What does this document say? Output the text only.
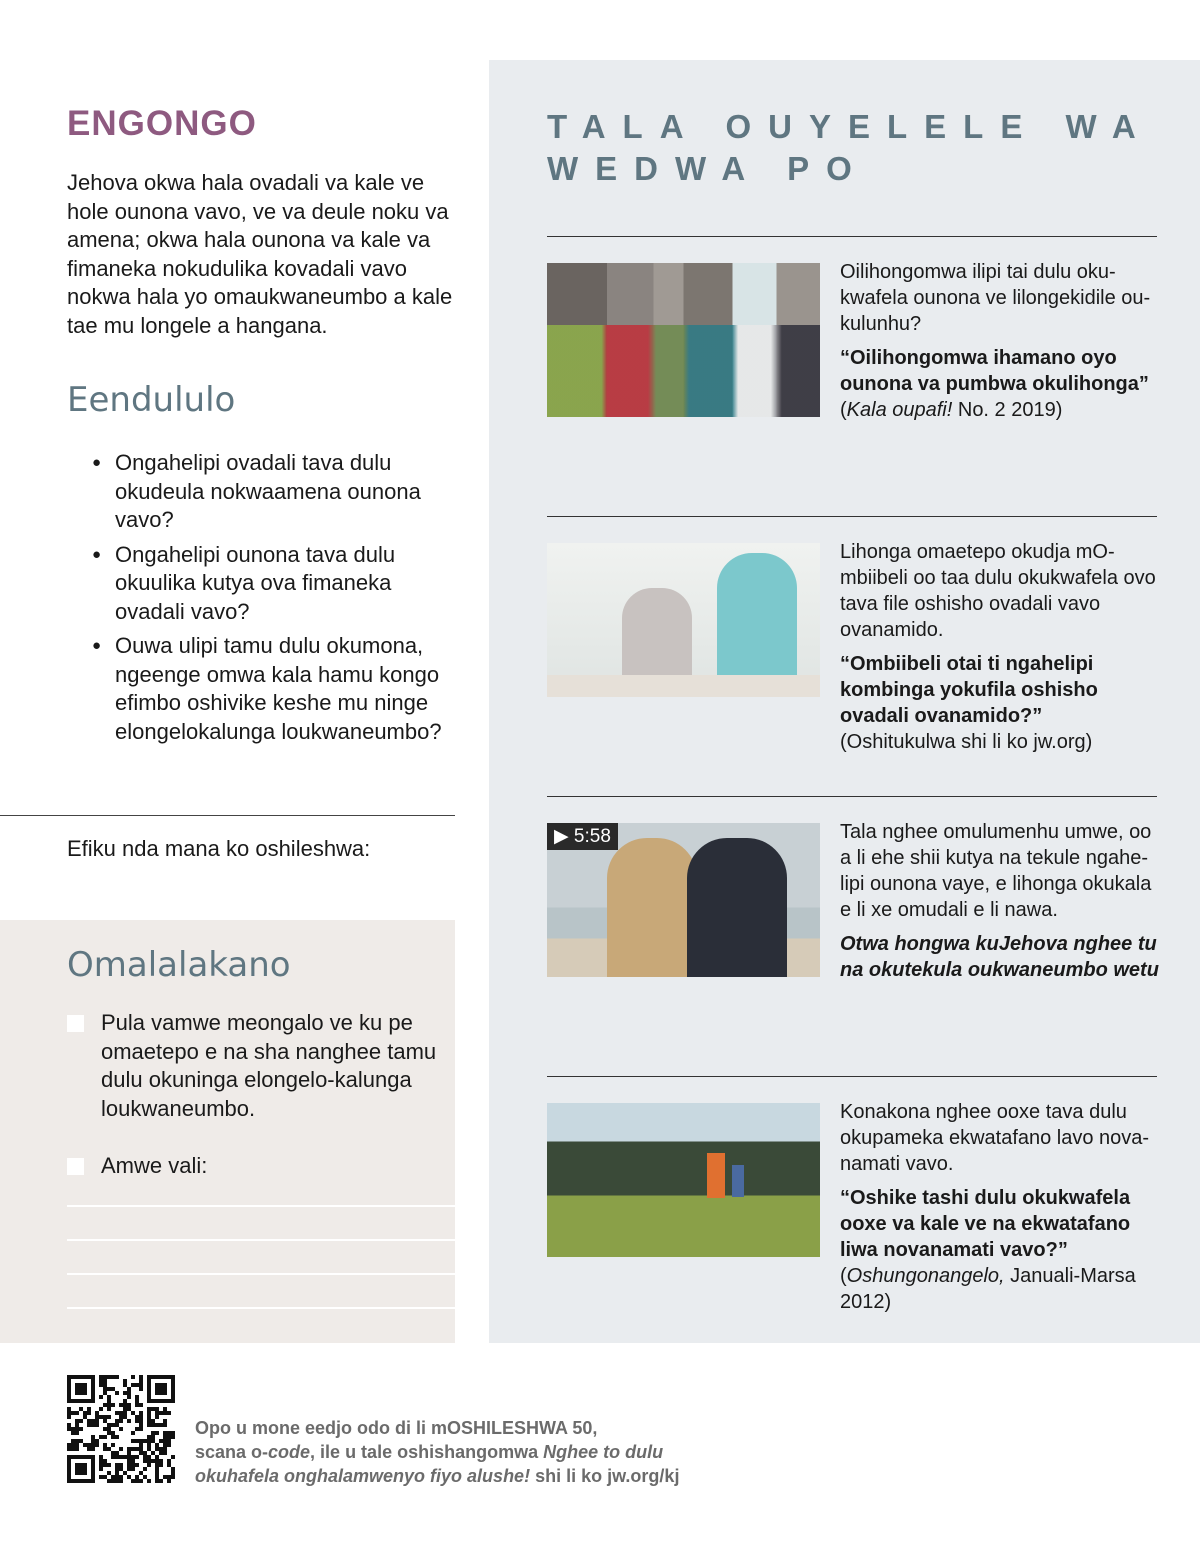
ENGONGO
Jehova okwa hala ovadali va kale ve hole ounona vavo, ve va deule noku va amena; okwa hala ounona va kale va fimaneka nokudulika kovadali vavo nokwa hala yo omaukwaneumbo a kale tae mu longele a hangana.
Eendululo
● Ongahelipi ovadali tava dulu okudeula nokwaamena ounona vavo?
● Ongahelipi ounona tava dulu okuulika kutya ova fimaneka ovadali vavo?
● Ouwa ulipi tamu dulu okumona, ngeenge omwa kala hamu kongo efimbo oshivike keshe mu ninge elongelokalunga loukwaneumbo?
Efiku nda mana ko oshileshwa:
Omalalakano
Pula vamwe meongalo ve ku pe omaetepo e na sha nanghee tamu dulu okuninga elongelo-kalunga loukwaneumbo.
Amwe vali:
TALA OUYELELE WA WEDWA PO
Oilihongomwa ilipi tai dulu oku-kwafela ounona ve lilongekidile ou-kulunhu?
“Oilihongomwa ihamano oyo ounona va pumbwa okulihonga”
(Kala oupafi! No. 2 2019)
Lihonga omaetepo okudja mO-mbiibeli oo taa dulu okukwafela ovo tava file oshisho ovadali vavo ovanamido.
“Ombiibeli otai ti ngahelipi kombinga yokufila oshisho ovadali ovanamido?”
(Oshitukulwa shi li ko jw.org)
▶ 5:58	Tala nghee omulumenhu umwe, oo a li ehe shii kutya na tekule ngahe-lipi ounona vaye, e lihonga okukala e li xe omudali e li nawa.
Otwa hongwa kuJehova nghee tu na okutekula oukwaneumbo wetu
Konakona nghee ooxe tava dulu okupameka ekwatafano lavo nova-namati vavo.
“Oshike tashi dulu okukwafela ooxe va kale ve na ekwatafano liwa novanamati vavo?”
(Oshungonangelo, Januali-Marsa 2012)
Opo u mone eedjo odo di li mOSHILESHWA 50,
scana o-code, ile u tale oshishangomwa Nghee to dulu
okuhafela onghalamwenyo fiyo alushe! shi li ko jw.org/kj
